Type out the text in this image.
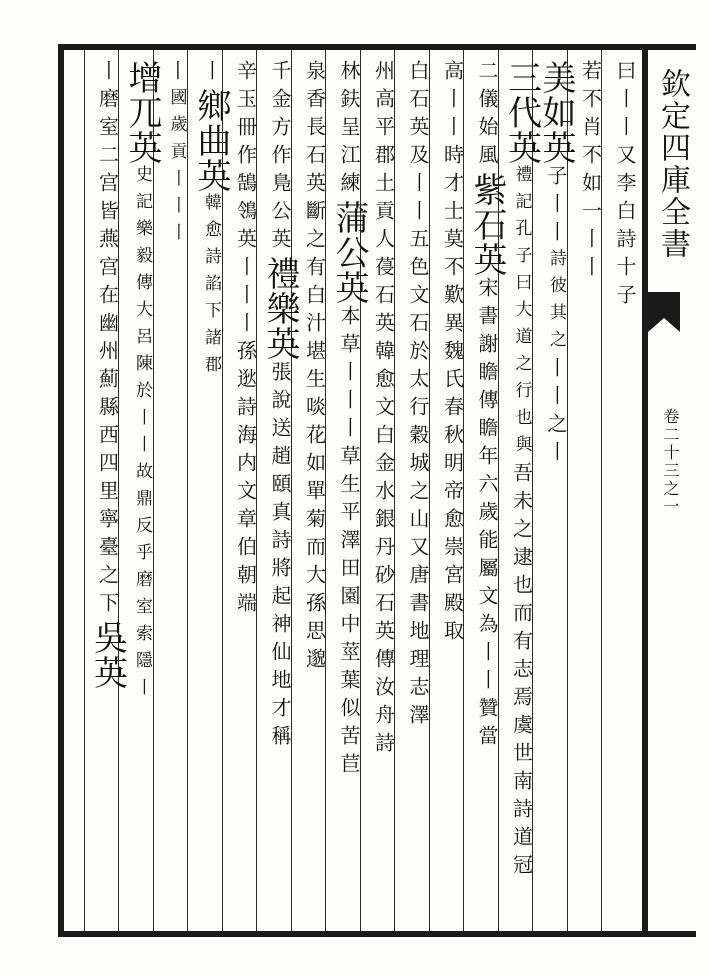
欽定四庫全書
卷二十三之一
曰丨丨又李白詩十子
若不肖不如一丨丨
美如英子丨丨詩彼其之丨丨之丨
三代英禮記孔子曰大道之行也與吾未之逮也而有志焉虞世南詩道冠
二儀始風紫石英宋書謝瞻傳瞻年六歲能屬文為丨丨贊當
高丨丨時才士莫不歎異魏氏春秋明帝愈崇宮殿取
白石英及丨丨五色文石於太行穀城之山又唐書地理志澤
州高平郡土貢人葠石英韓愈文白金水銀丹砂石英傳汝舟詩
林鈇呈江練蒲公英本草丨丨丨草生平澤田園中莖葉似苦苣
泉香長石英斷之有白汁堪生啖花如單菊而大孫思邈
千金方作鳬公英禮樂英張說送趙頤真詩將起神仙地才稱
辛玉冊作鵠鴒英丨丨丨孫逖詩海内文章伯朝端
丨鄉曲英韓愈詩諂下諸郡
丨國歲貢丨丨丨
增兀英史記樂毅傳大呂陳於丨丨故鼎反乎磨室索隱丨
丨磨室二宫皆燕宫在幽州薊縣西四里寧臺之下吳英
